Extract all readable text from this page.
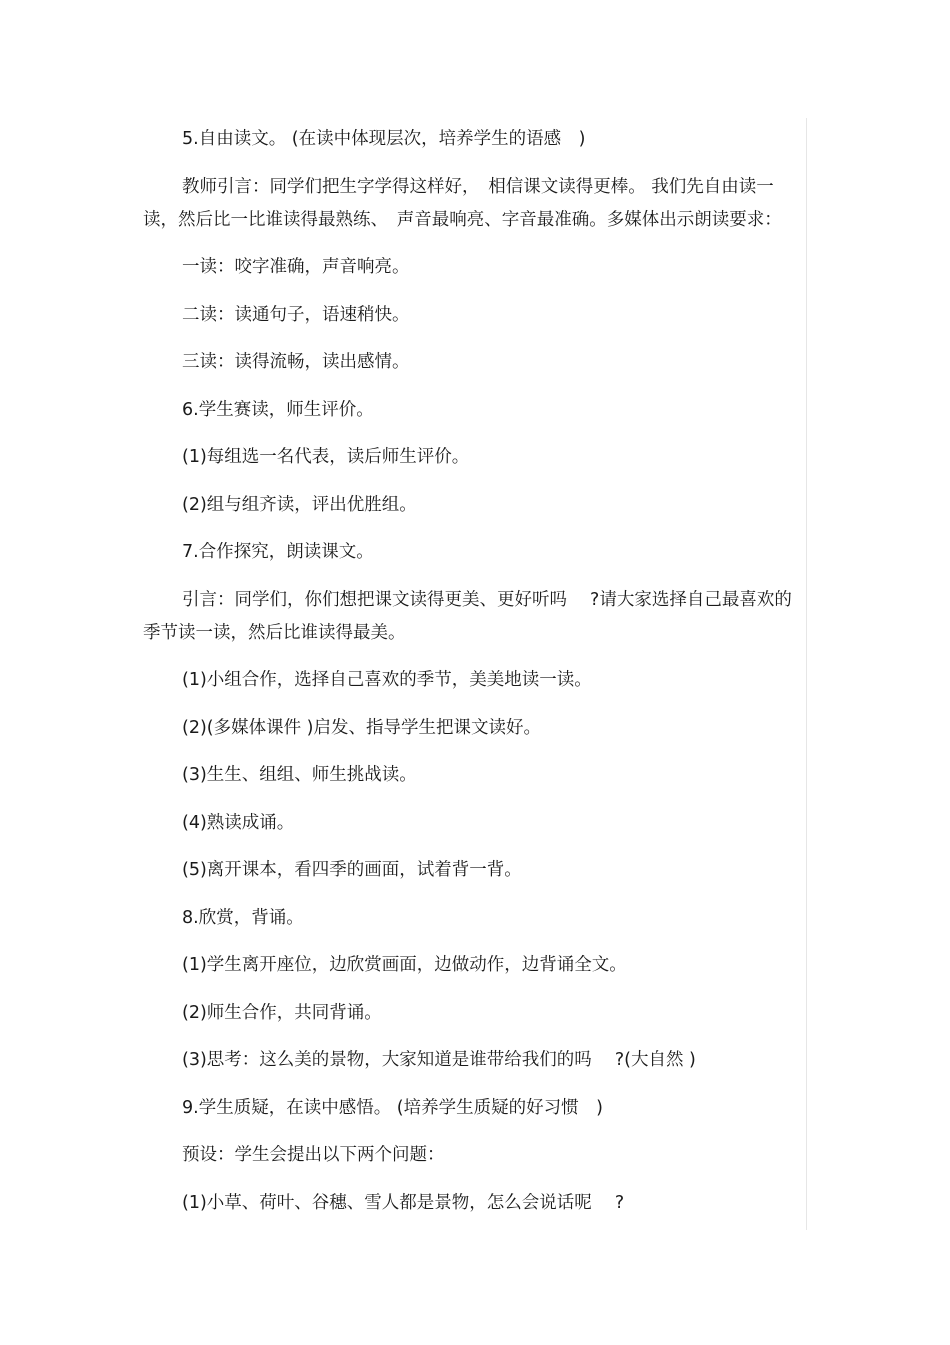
5.自由读文。 (在读中体现层次，培养学生的语感　)

教师引言：同学们把生字学得这样好，　相信课文读得更棒。 我们先自由读一读，然后比一比谁读得最熟练、　声音最响亮、字音最准确。多媒体出示朗读要求：

一读：咬字准确，声音响亮。

二读：读通句子，语速稍快。

三读：读得流畅，读出感情。

6.学生赛读，师生评价。

(1)每组选一名代表，读后师生评价。

(2)组与组齐读，评出优胜组。

7.合作探究，朗读课文。

引言：同学们，你们想把课文读得更美、更好听吗　 ?请大家选择自己最喜欢的季节读一读，然后比谁读得最美。

(1)小组合作，选择自己喜欢的季节，美美地读一读。

(2)(多媒体课件 )启发、指导学生把课文读好。

(3)生生、组组、师生挑战读。

(4)熟读成诵。

(5)离开课本，看四季的画面，试着背一背。

8.欣赏，背诵。

(1)学生离开座位，边欣赏画面，边做动作，边背诵全文。

(2)师生合作，共同背诵。

(3)思考：这么美的景物，大家知道是谁带给我们的吗　 ?(大自然 )

9.学生质疑，在读中感悟。 (培养学生质疑的好习惯　)

预设：学生会提出以下两个问题：

(1)小草、荷叶、谷穗、雪人都是景物，怎么会说话呢　 ?
